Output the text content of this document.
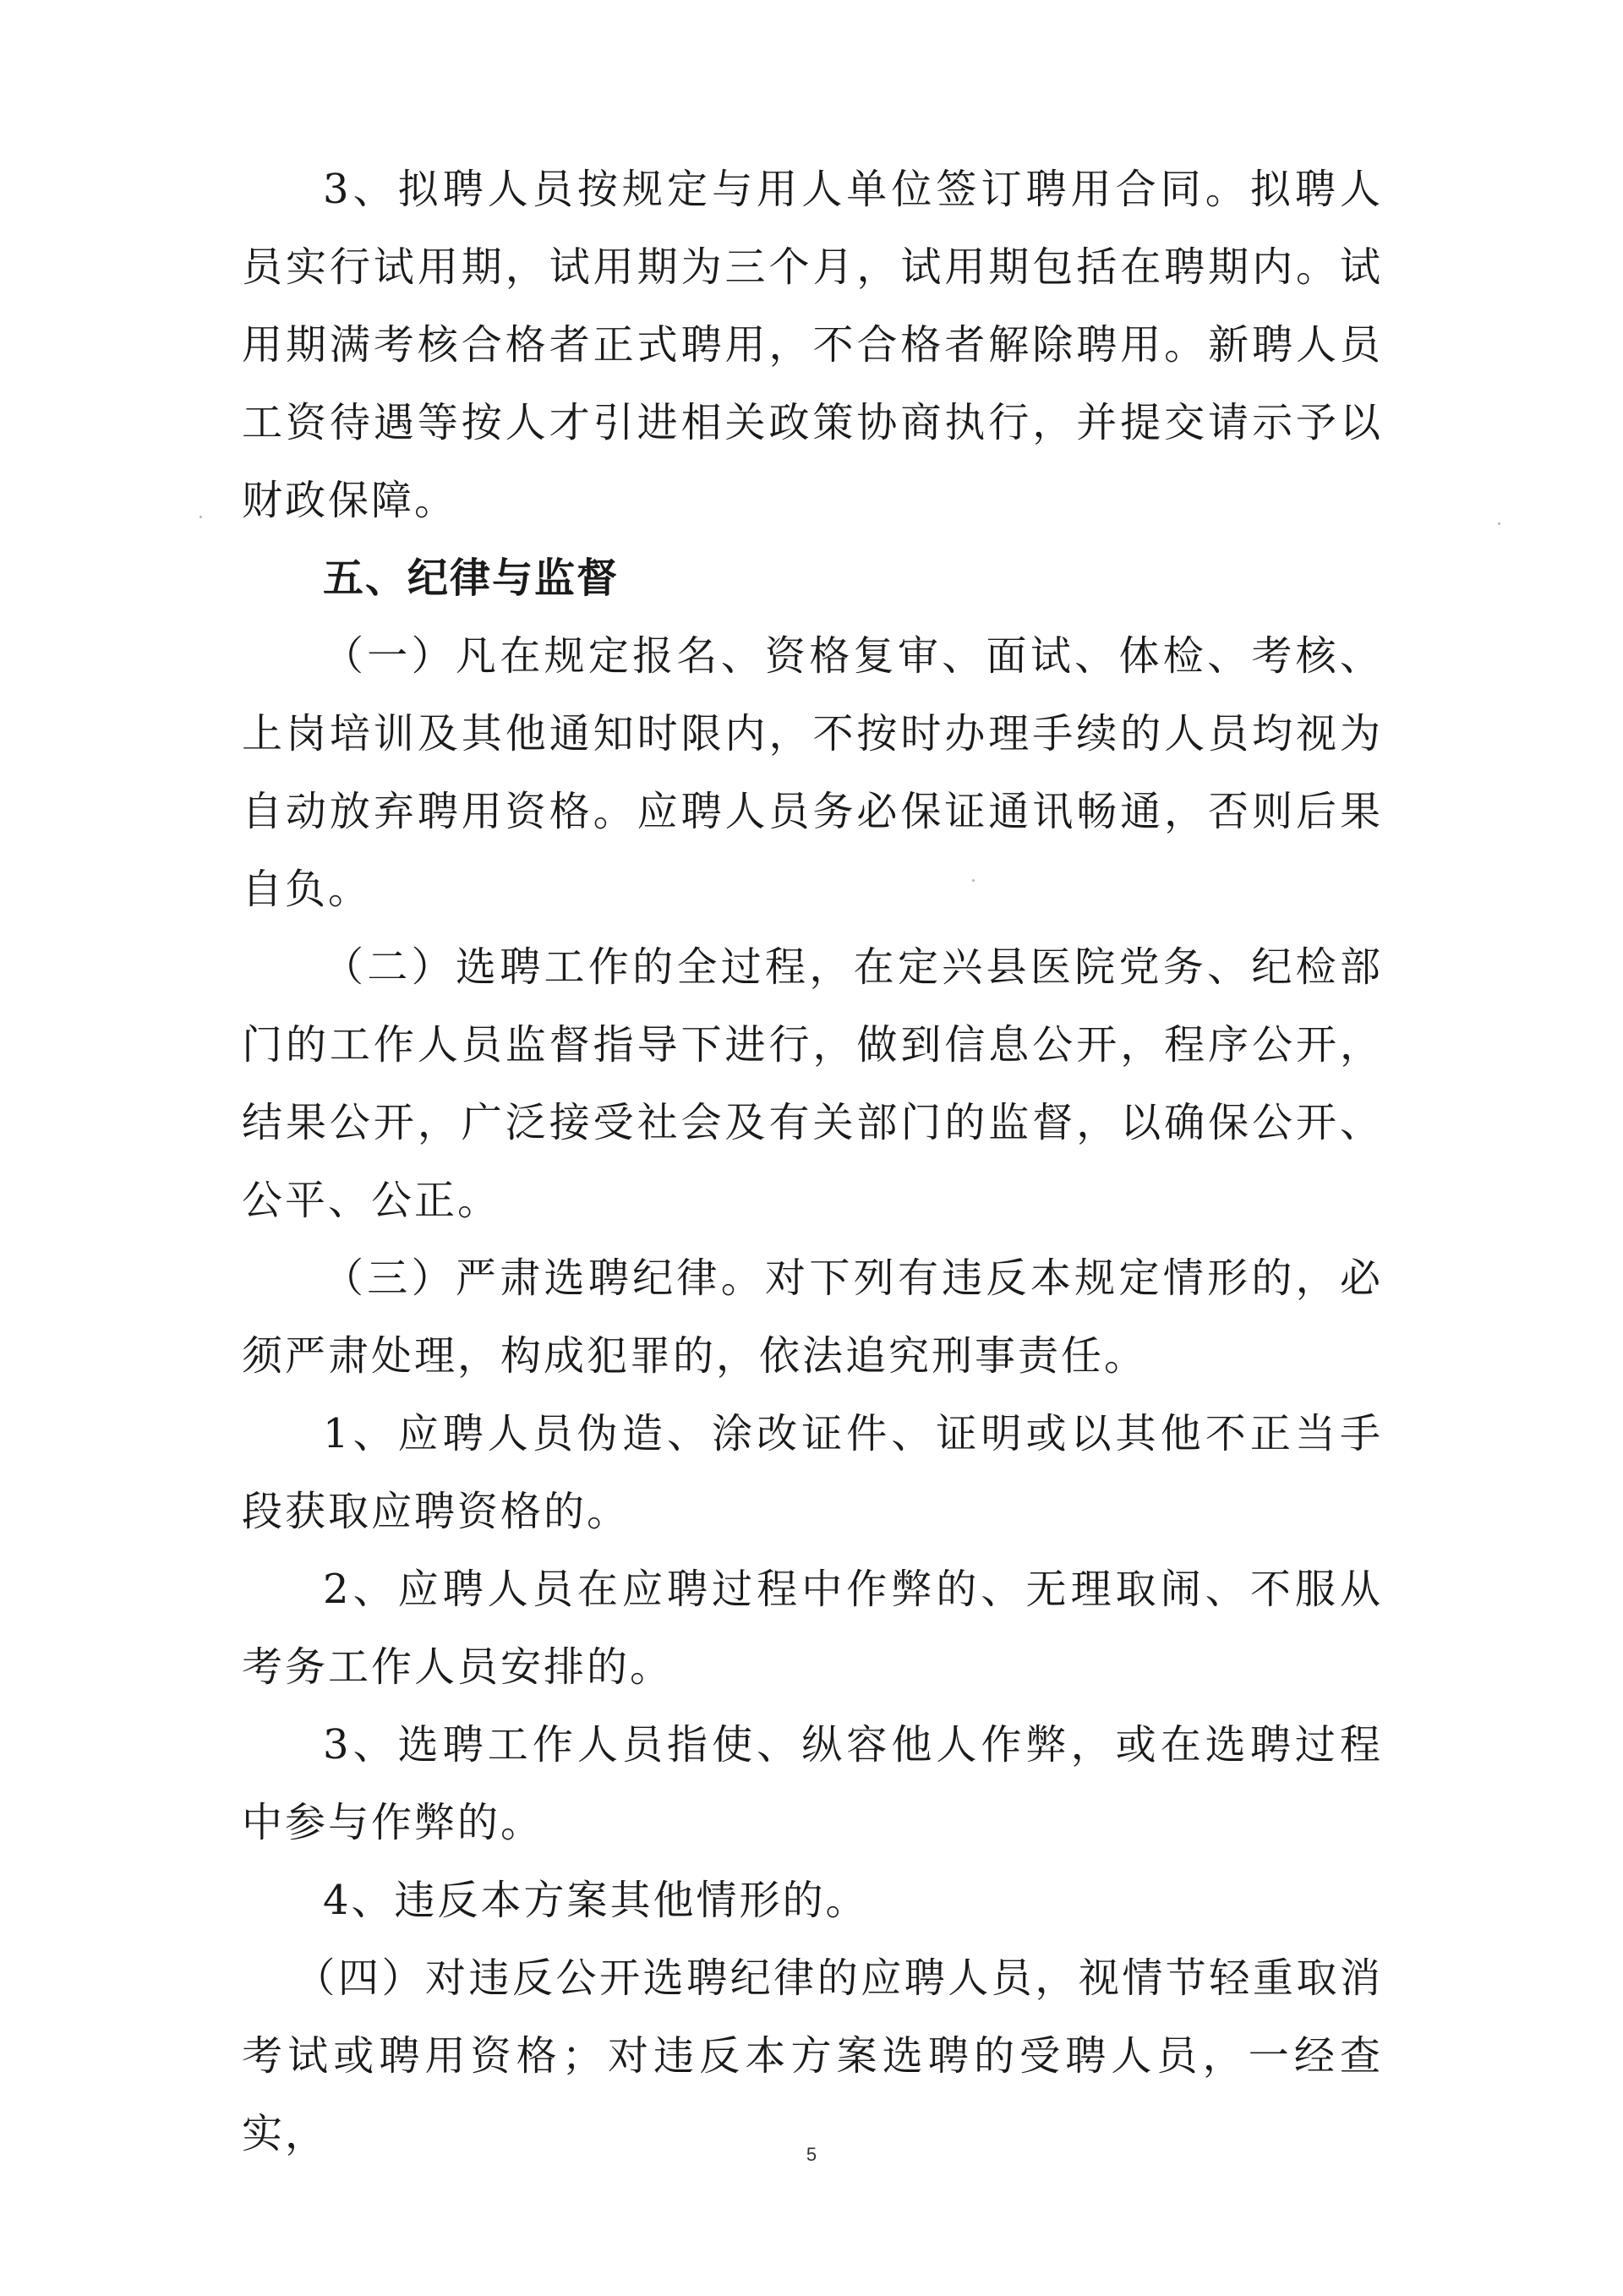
3、拟聘人员按规定与用人单位签订聘用合同。拟聘人员实行试用期，试用期为三个月，试用期包括在聘期内。试用期满考核合格者正式聘用，不合格者解除聘用。新聘人员工资待遇等按人才引进相关政策协商执行，并提交请示予以财政保障。

五、纪律与监督

（一）凡在规定报名、资格复审、面试、体检、考核、上岗培训及其他通知时限内，不按时办理手续的人员均视为自动放弃聘用资格。应聘人员务必保证通讯畅通，否则后果自负。

（二）选聘工作的全过程，在定兴县医院党务、纪检部门的工作人员监督指导下进行，做到信息公开，程序公开，结果公开，广泛接受社会及有关部门的监督，以确保公开、公平、公正。

（三）严肃选聘纪律。对下列有违反本规定情形的，必须严肃处理，构成犯罪的，依法追究刑事责任。

1、应聘人员伪造、涂改证件、证明或以其他不正当手段获取应聘资格的。

2、应聘人员在应聘过程中作弊的、无理取闹、不服从考务工作人员安排的。

3、选聘工作人员指使、纵容他人作弊，或在选聘过程中参与作弊的。

4、违反本方案其他情形的。

（四）对违反公开选聘纪律的应聘人员，视情节轻重取消考试或聘用资格；对违反本方案选聘的受聘人员，一经查实，	5
